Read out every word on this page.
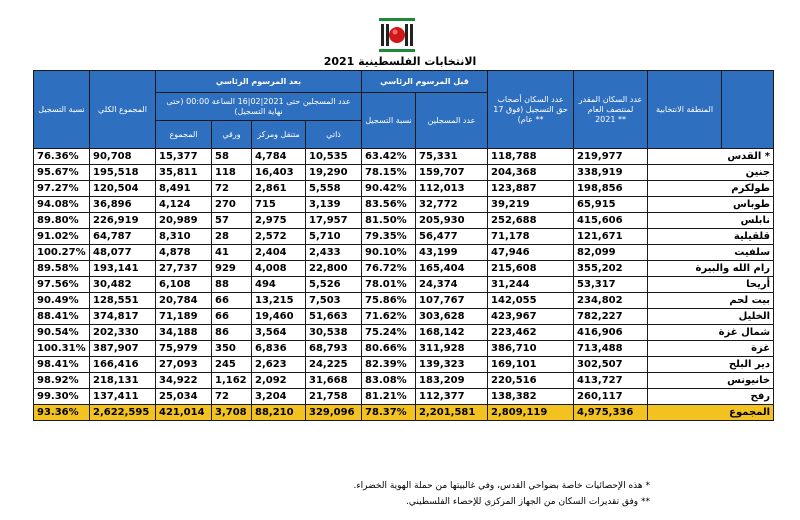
الانتخابات الفلسطينية 2021
نسبة التسجيل	المجموع الكلي	بعد المرسوم الرئاسي				قبل المرسوم الرئاسي		عدد السكان أصحاب حق التسجيل (فوق 17 عام) **	عدد السكان المقدر لمنتصف العام 2021 **	المنطقة الانتخابية	
		عدد المسجلين حتى 2021|02|16 الساعة 00:00 (حتى نهاية التسجيل)				نسبة التسجيل	عدد المسجلين				
		المجموع	ورقي	متنقل ومركز	ذاتي						
76.36%	90,708	15,377	58	4,784	10,535	63.42%	75,331	118,788	219,977	القدس *	
95.67%	195,518	35,811	118	16,403	19,290	78.15%	159,707	204,368	338,919	جنين	
97.27%	120,504	8,491	72	2,861	5,558	90.42%	112,013	123,887	198,856	طولكرم	
94.08%	36,896	4,124	270	715	3,139	83.56%	32,772	39,219	65,915	طوباس	
89.80%	226,919	20,989	57	2,975	17,957	81.50%	205,930	252,688	415,606	نابلس	
91.02%	64,787	8,310	28	2,572	5,710	79.35%	56,477	71,178	121,671	قلقيلية	
100.27%	48,077	4,878	41	2,404	2,433	90.10%	43,199	47,946	82,099	سلفيت	
89.58%	193,141	27,737	929	4,008	22,800	76.72%	165,404	215,608	355,202	رام الله والبيرة	
97.56%	30,482	6,108	88	494	5,526	78.01%	24,374	31,244	53,317	أريحا	
90.49%	128,551	20,784	66	13,215	7,503	75.86%	107,767	142,055	234,802	بيت لحم	
88.41%	374,817	71,189	66	19,460	51,663	71.62%	303,628	423,967	782,227	الخليل	
90.54%	202,330	34,188	86	3,564	30,538	75.24%	168,142	223,462	416,906	شمال غزة	
100.31%	387,907	75,979	350	6,836	68,793	80.66%	311,928	386,710	713,488	غزة	
98.41%	166,416	27,093	245	2,623	24,225	82.39%	139,323	169,101	302,507	دير البلح	
98.92%	218,131	34,922	1,162	2,092	31,668	83.08%	183,209	220,516	413,727	خانيونس	
99.30%	137,411	25,034	72	3,204	21,758	81.21%	112,377	138,382	260,117	رفح	
93.36%	2,622,595	421,014	3,708	88,210	329,096	78.37%	2,201,581	2,809,119	4,975,336	المجموع	
* هذه الإحصائيات خاصة بضواحي القدس، وفي غالبيتها من حملة الهوية الخضراء.
** وفق تقديرات السكان من الجهاز المركزي للإحصاء الفلسطيني.
